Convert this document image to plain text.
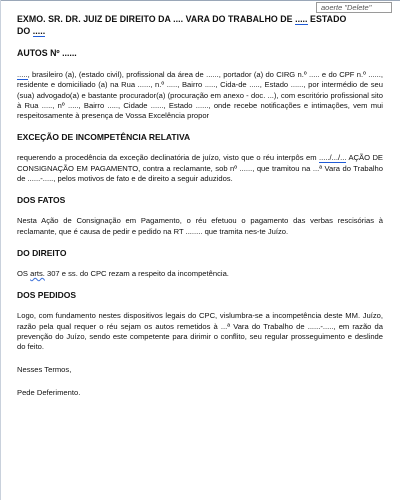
aoerte "Delete"
EXMO. SR. DR. JUIZ DE DIREITO DA .... VARA DO TRABALHO DE ..... ESTADO
DO .....
AUTOS Nº ......

....., brasileiro (a), (estado civil), profissional da área de ......, portador (a) do CIRG n.º ..... e do CPF n.º ......, residente e domiciliado (a) na Rua ......, n.º ....., Bairro ....., Cida-de ....., Estado ......, por intermédio de seu (sua) advogado(a) e bastante procurador(a) (procuração em anexo - doc. ...), com escritório profissional sito à Rua ....., nº ....., Bairro ....., Cidade ......, Estado ......, onde recebe notificações e intimações, vem mui respeitosamente à presença de Vossa Excelência propor

EXCEÇÃO DE INCOMPETÊNCIA RELATIVA

requerendo a procedência da exceção declinatória de juízo, visto que o réu interpôs em ...../.../... AÇÃO DE CONSIGNAÇÃO EM PAGAMENTO, contra a reclamante, sob nº ......, que tramitou na ...ª Vara do Trabalho de ......-....., pelos motivos de fato e de direito a seguir aduzidos.

DOS FATOS

Nesta Ação de Consignação em Pagamento, o réu efetuou o pagamento das verbas rescisórias à reclamante, que é causa de pedir e pedido na RT ........ que tramita nes-te Juízo.

DO DIREITO

OS arts. 307 e ss. do CPC rezam a respeito da incompetência.

DOS PEDIDOS

Logo, com fundamento nestes dispositivos legais do CPC, vislumbra-se a incompetência deste MM. Juízo, razão pela qual requer o réu sejam os autos remetidos à ...ª Vara do Trabalho de ......-....., em razão da prevenção do Juízo, sendo este competente para dirimir o conflito, seu regular prosseguimento e deslinde do feito.

Nesses Termos,

Pede Deferimento.
